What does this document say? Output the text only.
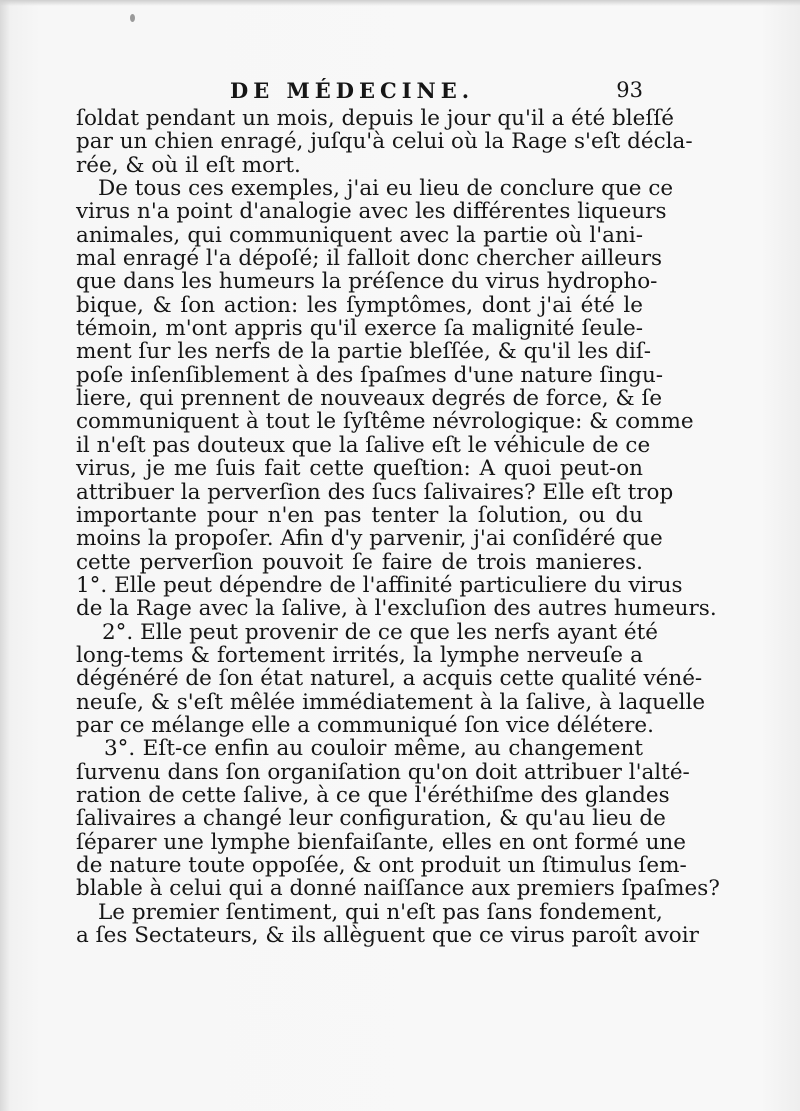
DE MÉDECINE.	93
ſoldat pendant un mois, depuis le jour qu'il a été bleſſé
par un chien enragé, juſqu'à celui où la Rage s'eſt décla-
rée, & où il eſt mort.
De tous ces exemples, j'ai eu lieu de conclure que ce
virus n'a point d'analogie avec les différentes liqueurs
animales, qui communiquent avec la partie où l'ani-
mal enragé l'a dépoſé; il falloit donc chercher ailleurs
que dans les humeurs la préſence du virus hydropho-
bique, & ſon action: les ſymptômes, dont j'ai été le
témoin, m'ont appris qu'il exerce ſa malignité ſeule-
ment ſur les nerfs de la partie bleſſée, & qu'il les diſ-
poſe inſenſiblement à des ſpaſmes d'une nature ſingu-
liere, qui prennent de nouveaux degrés de force, & ſe
communiquent à tout le ſyſtême névrologique: & comme
il n'eſt pas douteux que la ſalive eſt le véhicule de ce
virus, je me ſuis fait cette queſtion: A quoi peut-on
attribuer la perverſion des ſucs ſalivaires? Elle eſt trop
importante pour n'en pas tenter la ſolution, ou du
moins la propoſer. Afin d'y parvenir, j'ai conſidéré que
cette perverſion pouvoit ſe faire de trois manieres.
1°. Elle peut dépendre de l'affinité particuliere du virus
de la Rage avec la ſalive, à l'excluſion des autres humeurs.
2°. Elle peut provenir de ce que les nerfs ayant été
long-tems & fortement irrités, la lymphe nerveuſe a
dégénéré de ſon état naturel, a acquis cette qualité véné-
neuſe, & s'eſt mêlée immédiatement à la ſalive, à laquelle
par ce mélange elle a communiqué ſon vice délétere.
3°. Eſt-ce enfin au couloir même, au changement
ſurvenu dans ſon organiſation qu'on doit attribuer l'alté-
ration de cette ſalive, à ce que l'éréthiſme des glandes
ſalivaires a changé leur configuration, & qu'au lieu de
ſéparer une lymphe bienfaiſante, elles en ont formé une
de nature toute oppoſée, & ont produit un ſtimulus ſem-
blable à celui qui a donné naiſſance aux premiers ſpaſmes?
Le premier ſentiment, qui n'eſt pas ſans fondement,
a ſes Sectateurs, & ils allèguent que ce virus paroît avoir
